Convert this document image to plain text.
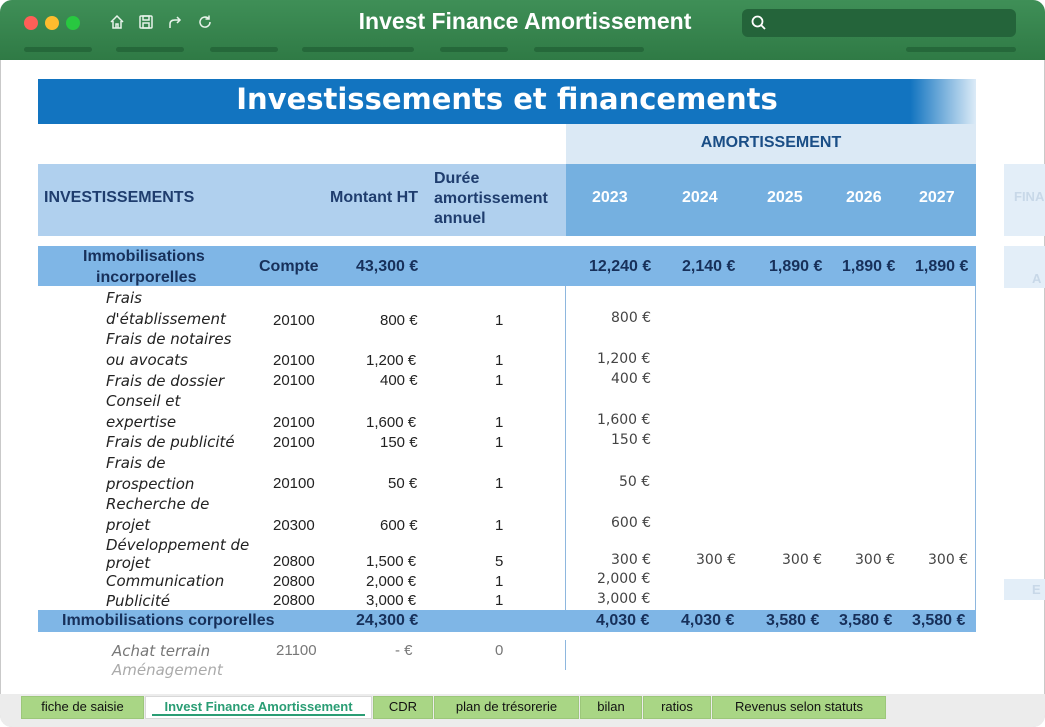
Invest Finance Amortissement
Investissements et financements
AMORTISSEMENT
INVESTISSEMENTS	Montant HT
Durée
amortissement
annuel
2023	2024	2025	2026 2027
Immobilisations
incorporelles
Compte 43,300 €	12,240 € 2,140 € 1,890 € 1,890 € 1,890 €
Frais
d'établissement	20100	800 €	1	800 €
Frais de notaires
ou avocats	20100	1,200 €	1	1,200 €
Frais de dossier	20100	400 €	1	400 €
Conseil et
expertise	20100	1,600 €	1	1,600 €
Frais de publicité	20100	150 €	1	150 €
Frais de
prospection	20100	50 €	1	50 €
Recherche de
projet	20300	600 €	1	600 €
Développement de
projet	20800	1,500 €	5	300 €	300 €	300 € 300 € 300 €
Communication	20800	2,000 €	1	2,000 €
Publicité	20800	3,000 €	1	3,000 €
Immobilisations corporelles	24,300 €	4,030 € 4,030 € 3,580 € 3,580 € 3,580 €
Achat terrain	21100	- €	0
Aménagement
FINA
A
E
fiche de saisie	Invest Finance Amortissement	CDR	plan de trésorerie	bilan	ratios	Revenus selon statuts
